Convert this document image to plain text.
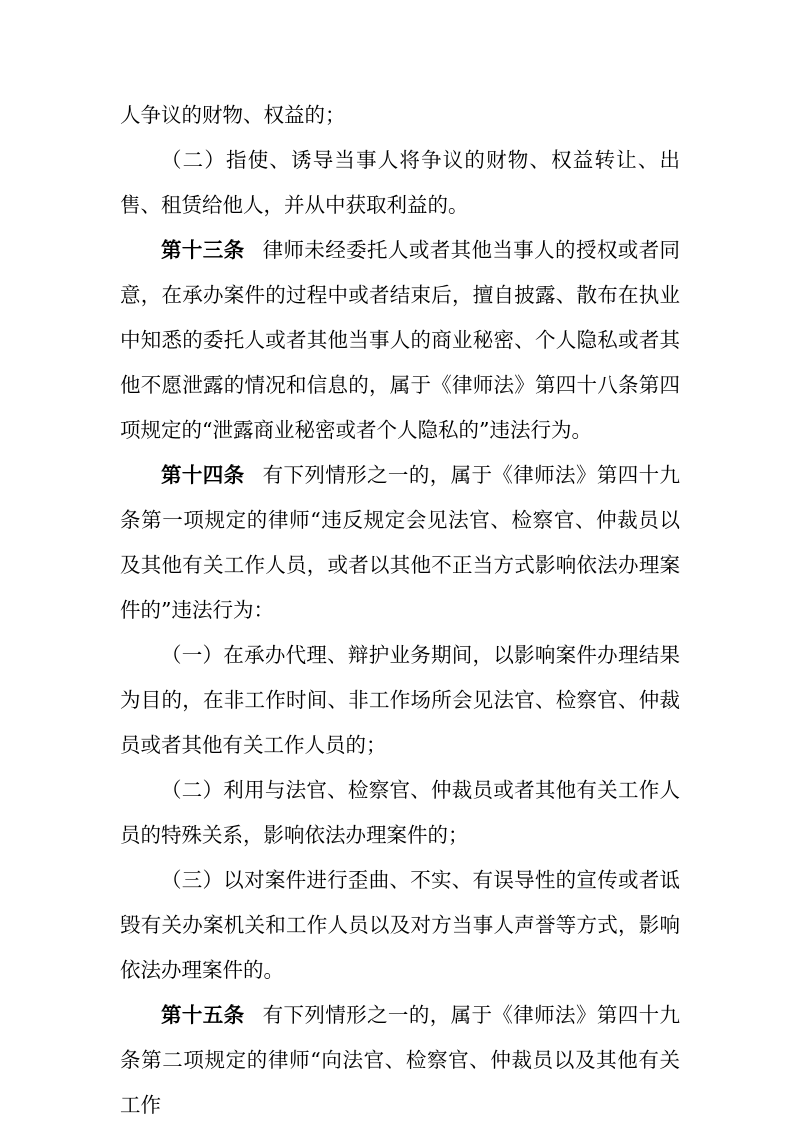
人争议的财物、权益的；

（二）指使、诱导当事人将争议的财物、权益转让、出售、租赁给他人，并从中获取利益的。

第十三条 律师未经委托人或者其他当事人的授权或者同意，在承办案件的过程中或者结束后，擅自披露、散布在执业中知悉的委托人或者其他当事人的商业秘密、个人隐私或者其他不愿泄露的情况和信息的，属于《律师法》第四十八条第四项规定的“泄露商业秘密或者个人隐私的”违法行为。

第十四条 有下列情形之一的，属于《律师法》第四十九条第一项规定的律师“违反规定会见法官、检察官、仲裁员以及其他有关工作人员，或者以其他不正当方式影响依法办理案件的”违法行为：

（一）在承办代理、辩护业务期间，以影响案件办理结果为目的，在非工作时间、非工作场所会见法官、检察官、仲裁员或者其他有关工作人员的；

（二）利用与法官、检察官、仲裁员或者其他有关工作人员的特殊关系，影响依法办理案件的；

（三）以对案件进行歪曲、不实、有误导性的宣传或者诋毁有关办案机关和工作人员以及对方当事人声誉等方式，影响依法办理案件的。

第十五条 有下列情形之一的，属于《律师法》第四十九条第二项规定的律师“向法官、检察官、仲裁员以及其他有关工作
